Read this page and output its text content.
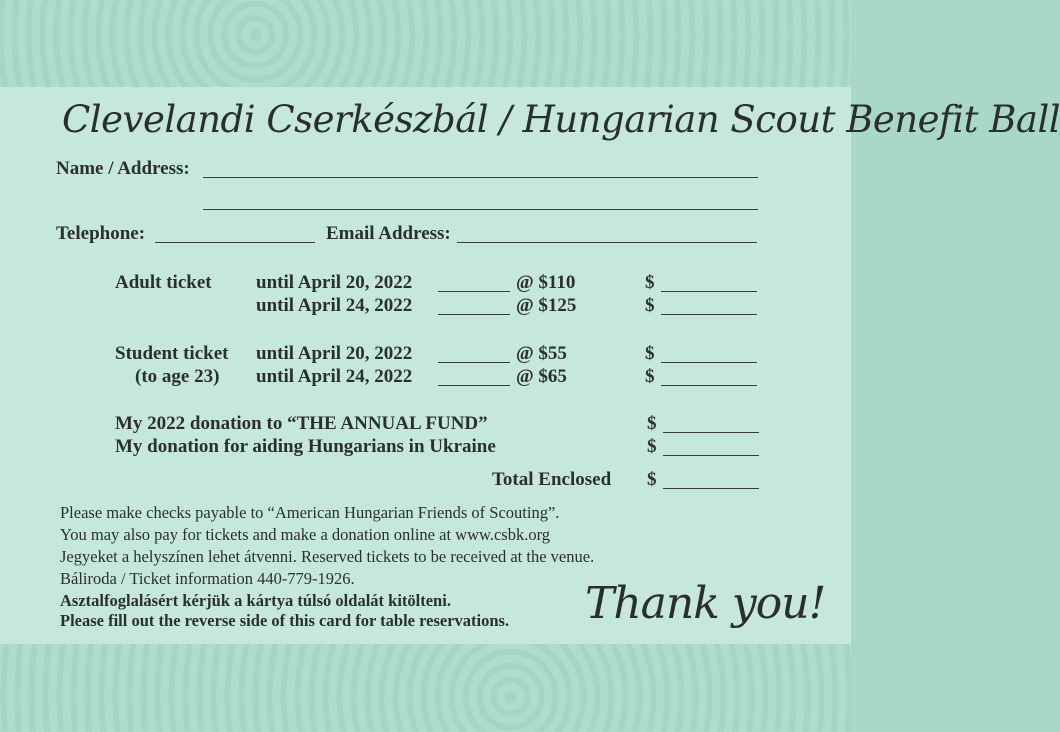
Clevelandi Cserkészbál / Hungarian Scout Benefit Ball
Name / Address:
Telephone:	Email Address:
Adult ticket until April 20, 2022	@ $110	$
until April 24, 2022	@ $125	$
Student ticket until April 20, 2022	@ $55	$
(to age 23) until April 24, 2022	@ $65	$
My 2022 donation to “THE ANNUAL FUND”	$
My donation for aiding Hungarians in Ukraine	$
Total Enclosed $
Please make checks payable to “American Hungarian Friends of Scouting”.
You may also pay for tickets and make a donation online at www.csbk.org
Jegyeket a helyszínen lehet átvenni. Reserved tickets to be received at the venue.
Báliroda / Ticket information 440-779-1926.
Asztalfoglalásért kérjük a kártya túlsó oldalát kitölteni.
Please fill out the reverse side of this card for table reservations. Thank you!
